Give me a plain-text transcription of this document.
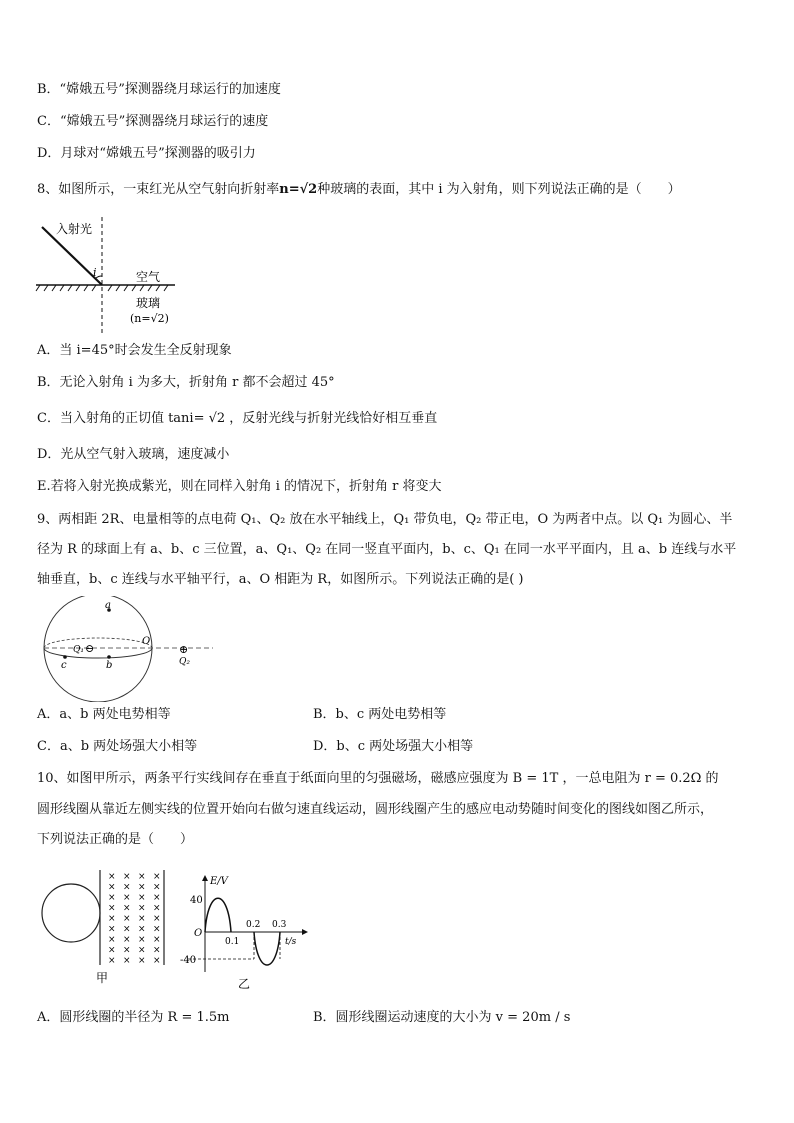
B．“嫦娥五号”探测器绕月球运行的加速度
C．“嫦娥五号”探测器绕月球运行的速度
D．月球对“嫦娥五号”探测器的吸引力
8、如图所示，一束红光从空气射向折射率n=√2种玻璃的表面，其中 i 为入射角，则下列说法正确的是（　　）
入射光
i	空气
玻璃
(n=√2)
A．当 i=45°时会发生全反射现象
B．无论入射角 i 为多大，折射角 r 都不会超过 45°
C．当入射角的正切值 tani= √2 ，反射光线与折射光线恰好相互垂直
D．光从空气射入玻璃，速度减小
E.若将入射光换成紫光，则在同样入射角 i 的情况下，折射角 r 将变大
9、两相距 2R、电量相等的点电荷 Q₁、Q₂ 放在水平轴线上，Q₁ 带负电，Q₂ 带正电，O 为两者中点。以 Q₁ 为圆心、半
径为 R 的球面上有 a、b、c 三位置，a、Q₁、Q₂ 在同一竖直平面内，b、c、Q₁ 在同一水平平面内，且 a、b 连线与水平
轴垂直，b、c 连线与水平轴平行，a、O 相距为 R，如图所示。下列说法正确的是( )
a
O
Q₁ ⊖	⊕
Q₂
c	b
A．a、b 两处电势相等	B．b、c 两处电势相等
C．a、b 两处场强大小相等	D．b、c 两处场强大小相等
10、如图甲所示，两条平行实线间存在垂直于纸面向里的匀强磁场，磁感应强度为 B = 1T ，一总电阻为 r = 0.2Ω 的
圆形线圈从靠近左侧实线的位置开始向右做匀速直线运动，圆形线圈产生的感应电动势随时间变化的图线如图乙所示，
下列说法正确的是（　　）
× × × ×
× × × ×
× × × ×
× × × ×
× × × ×
× × × ×
× × × ×
× × × ×
× × × ×
甲
E/V
40
O
0.1
0.2 0.3
t/s
-40
乙
A．圆形线圈的半径为 R = 1.5m	B．圆形线圈运动速度的大小为 v = 20m / s
